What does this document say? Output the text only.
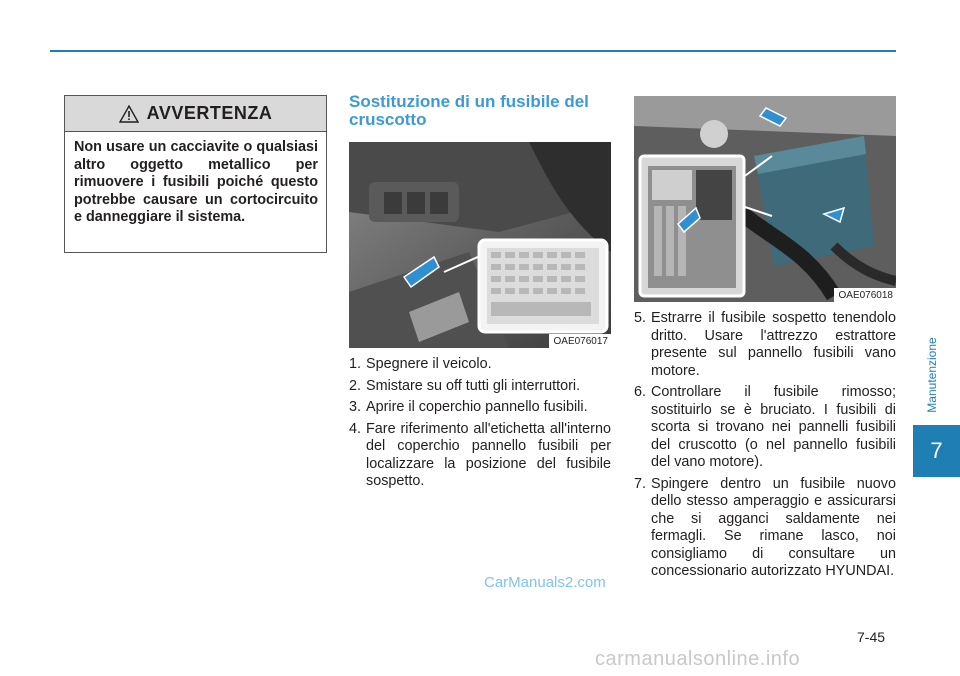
AVVERTENZA
Non usare un cacciavite o qualsiasi altro oggetto metallico per rimuovere i fusibili poiché questo potrebbe causare un cortocircuito e danneggiare il sistema.
Sostituzione di un fusibile del cruscotto
OAE076017
OAE076018
1. Spegnere il veicolo.
2. Smistare su off tutti gli interruttori.
3. Aprire il coperchio pannello fusibili.
4. Fare riferimento all'etichetta all'interno del coperchio pannello fusibili per localizzare la posizione del fusibile sospetto.
5. Estrarre il fusibile sospetto tenendolo dritto. Usare l'attrezzo estrattore presente sul pannello fusibili vano motore.
6. Controllare il fusibile rimosso; sostituirlo se è bruciato. I fusibili di scorta si trovano nei pannelli fusibili del cruscotto (o nel pannello fusibili del vano motore).
7. Spingere dentro un fusibile nuovo dello stesso amperaggio e assicurarsi che si agganci saldamente nei fermagli. Se rimane lasco, noi consigliamo di consultare un concessionario autorizzato HYUNDAI.
CarManuals2.com
7-45
Manutenzione
7
carmanualsonline.info
